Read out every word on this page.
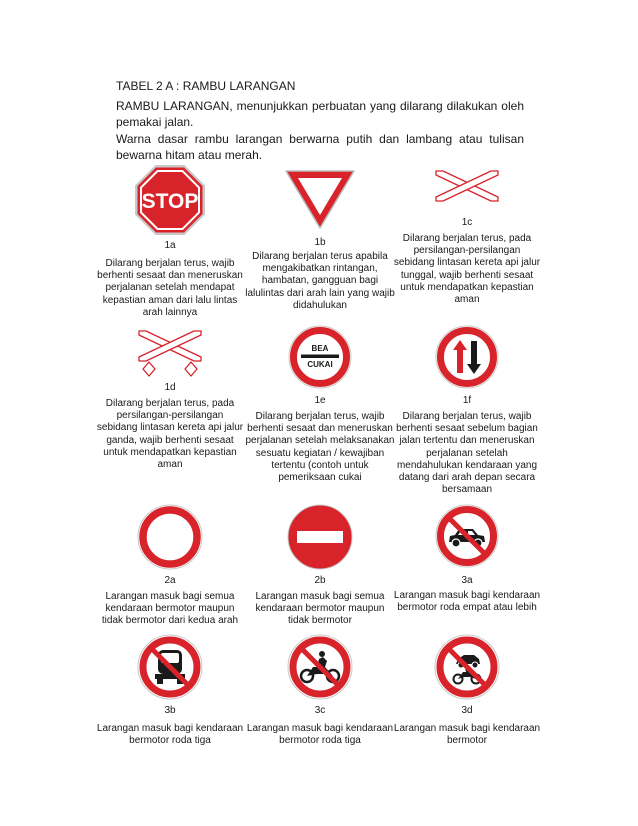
TABEL 2 A : RAMBU LARANGAN
RAMBU LARANGAN, menunjukkan perbuatan yang dilarang dilakukan oleh pemakai jalan.
Warna dasar rambu larangan berwarna putih dan lambang atau tulisan bewarna hitam atau merah.
STOP
1a
Dilarang berjalan terus, wajib berhenti sesaat dan meneruskan perjalanan setelah mendapat kepastian aman dari lalu lintas arah lainnya
1b
Dilarang berjalan terus apabila mengakibatkan rintangan, hambatan, gangguan bagi lalulintas dari arah lain yang wajib didahulukan
1c
Dilarang berjalan terus, pada persilangan-persilangan sebidang lintasan kereta api jalur tunggal, wajib berhenti sesaat untuk mendapatkan kepastian aman
1d
Dilarang berjalan terus, pada persilangan-persilangan sebidang lintasan kereta api jalur ganda, wajib berhenti sesaat untuk mendapatkan kepastian aman
BEA
CUKAI
1e
Dilarang berjalan terus, wajib berhenti sesaat dan meneruskan perjalanan setelah melaksanakan sesuatu kegiatan / kewajiban tertentu (contoh untuk pemeriksaan cukai
1f
Dilarang berjalan terus, wajib berhenti sesaat sebelum bagian jalan tertentu dan meneruskan perjalanan setelah mendahulukan kendaraan yang datang dari arah depan secara bersamaan
2a
Larangan masuk bagi semua kendaraan bermotor maupun tidak bermotor dari kedua arah
2b
Larangan masuk bagi semua kendaraan bermotor maupun tidak bermotor
3a
Larangan masuk bagi kendaraan bermotor roda empat atau lebih
3b
Larangan masuk bagi kendaraan bermotor roda tiga
3c
Larangan masuk bagi kendaraan bermotor roda tiga
3d
Larangan masuk bagi kendaraan bermotor
